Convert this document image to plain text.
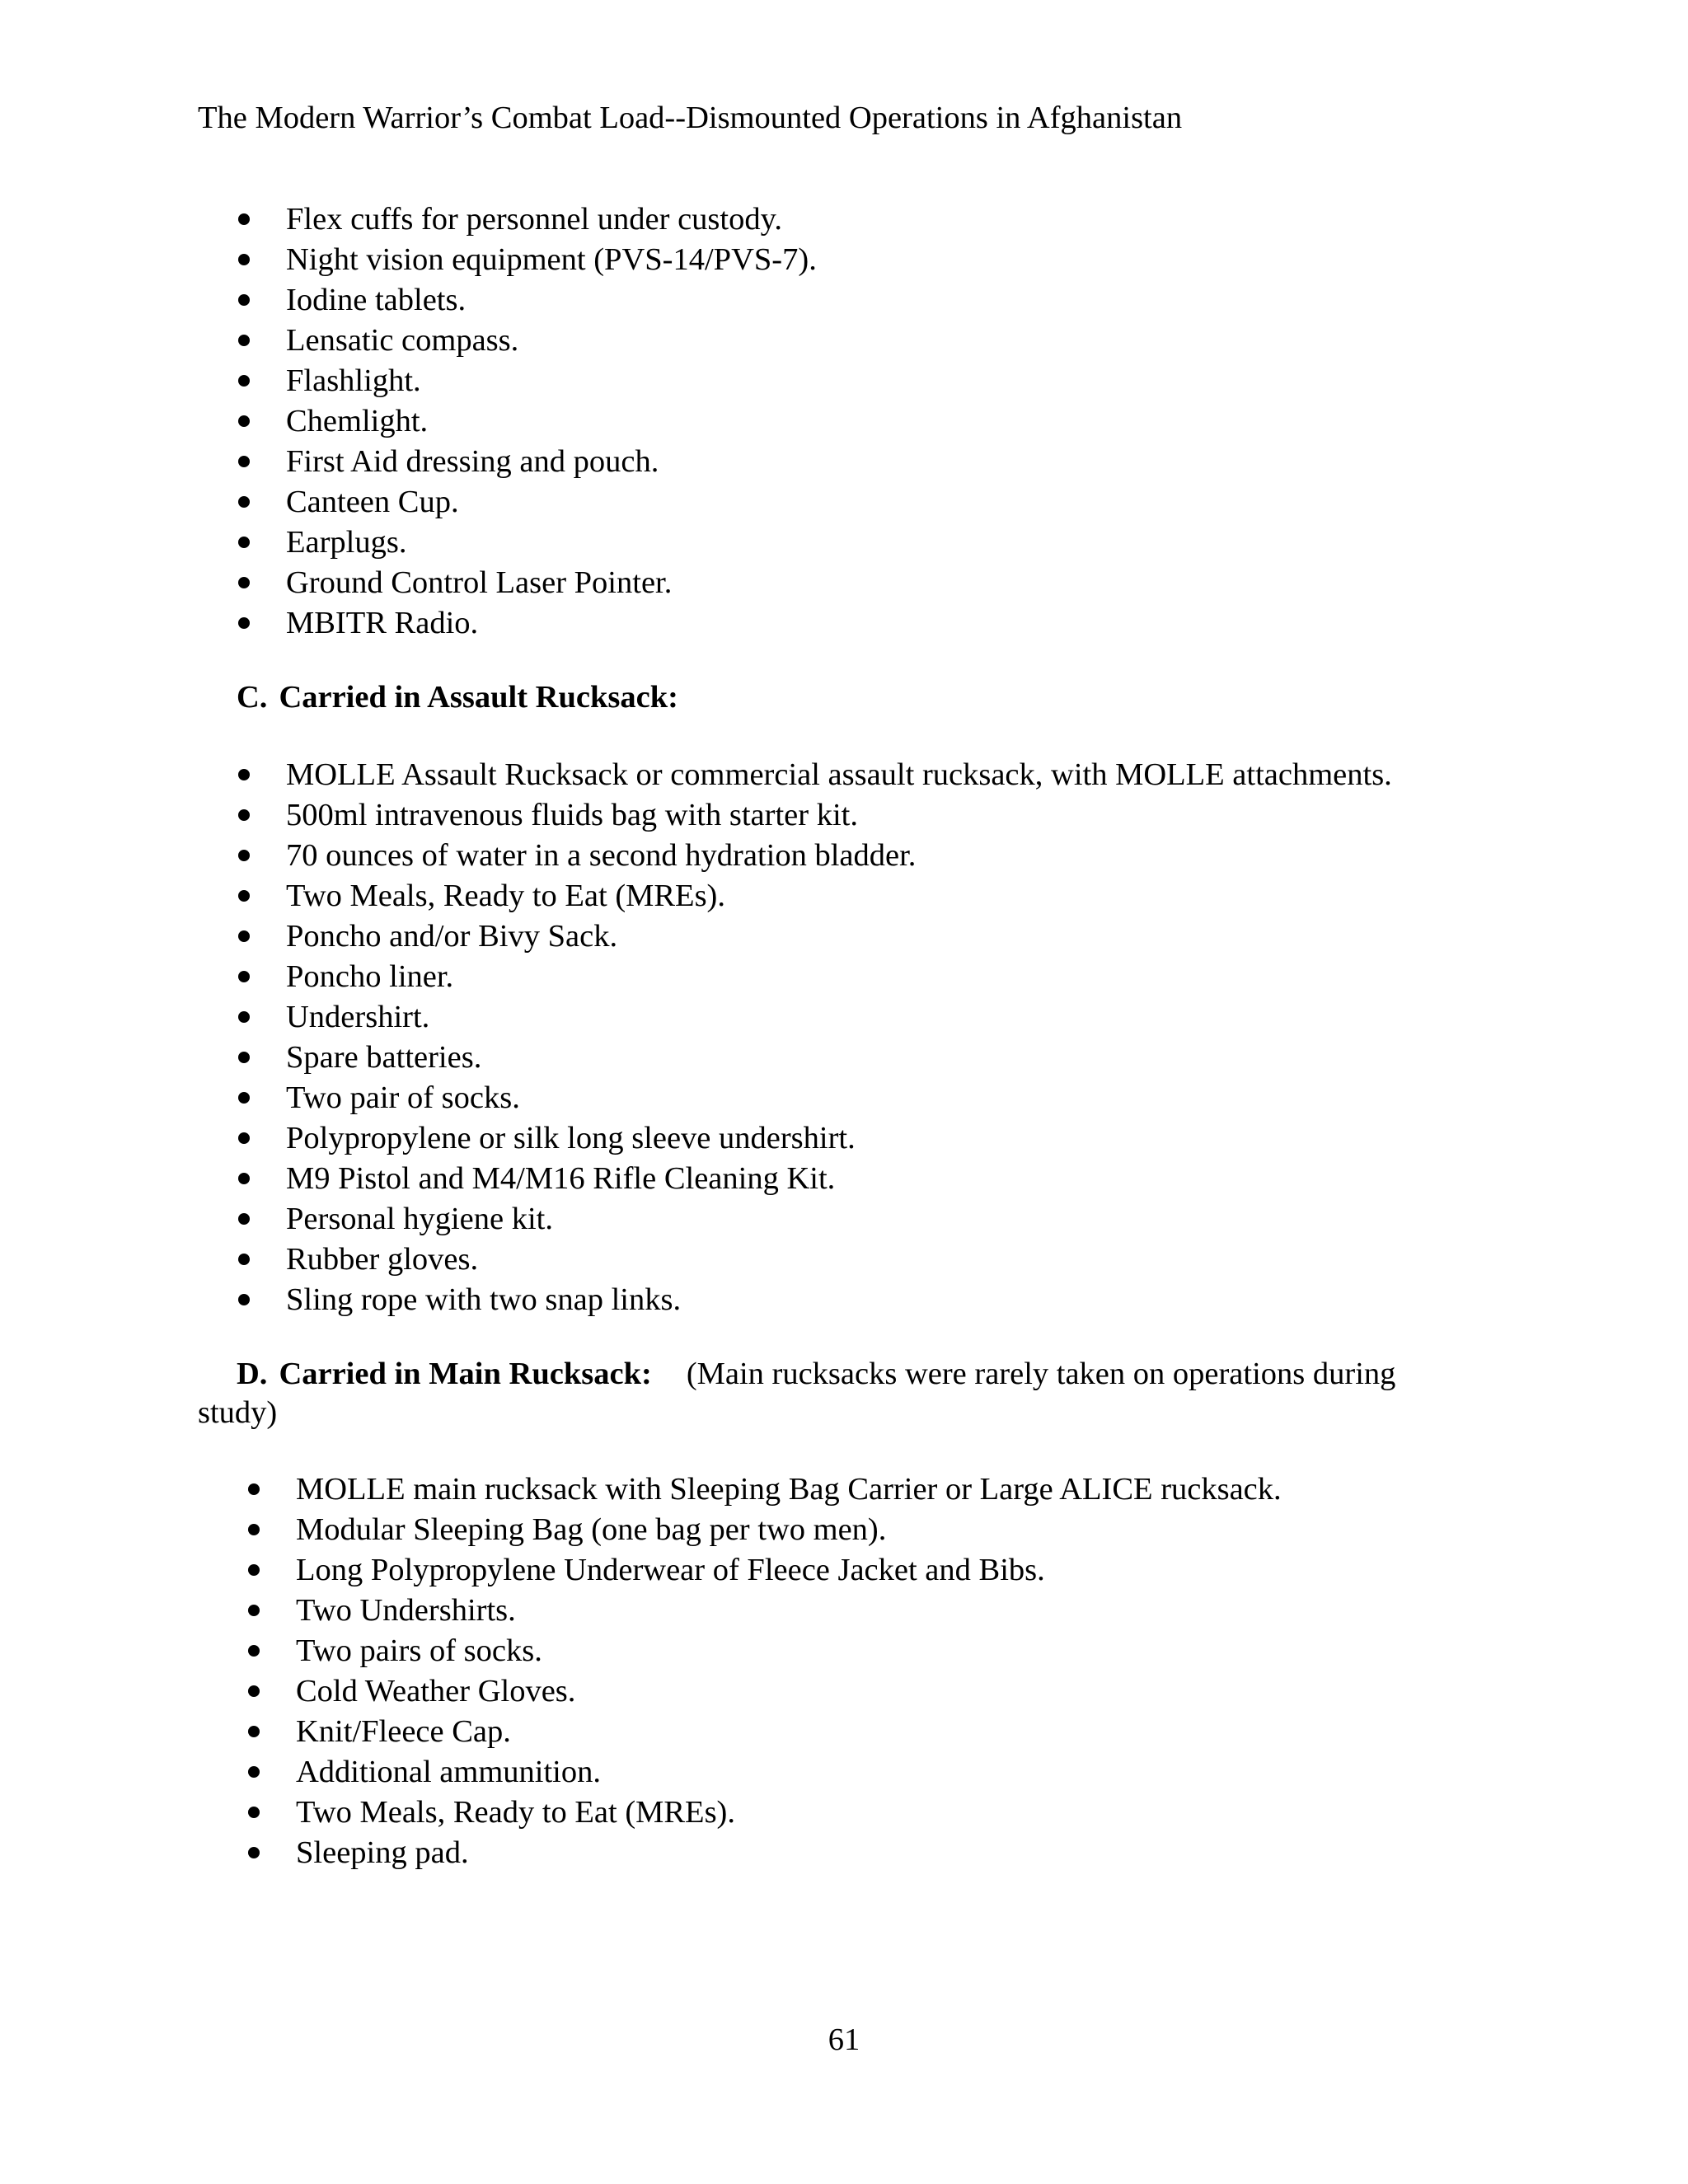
The Modern Warrior’s Combat Load--Dismounted Operations in Afghanistan
Flex cuffs for personnel under custody.
Night vision equipment (PVS-14/PVS-7).
Iodine tablets.
Lensatic compass.
Flashlight.
Chemlight.
First Aid dressing and pouch.
Canteen Cup.
Earplugs.
Ground Control Laser Pointer.
MBITR Radio.
C. Carried in Assault Rucksack:
MOLLE Assault Rucksack or commercial assault rucksack, with MOLLE attachments.
500ml intravenous fluids bag with starter kit.
70 ounces of water in a second hydration bladder.
Two Meals, Ready to Eat (MREs).
Poncho and/or Bivy Sack.
Poncho liner.
Undershirt.
Spare batteries.
Two pair of socks.
Polypropylene or silk long sleeve undershirt.
M9 Pistol and M4/M16 Rifle Cleaning Kit.
Personal hygiene kit.
Rubber gloves.
Sling rope with two snap links.
D. Carried in Main Rucksack: (Main rucksacks were rarely taken on operations during
study)
MOLLE main rucksack with Sleeping Bag Carrier or Large ALICE rucksack.
Modular Sleeping Bag (one bag per two men).
Long Polypropylene Underwear of Fleece Jacket and Bibs.
Two Undershirts.
Two pairs of socks.
Cold Weather Gloves.
Knit/Fleece Cap.
Additional ammunition.
Two Meals, Ready to Eat (MREs).
Sleeping pad.
61
